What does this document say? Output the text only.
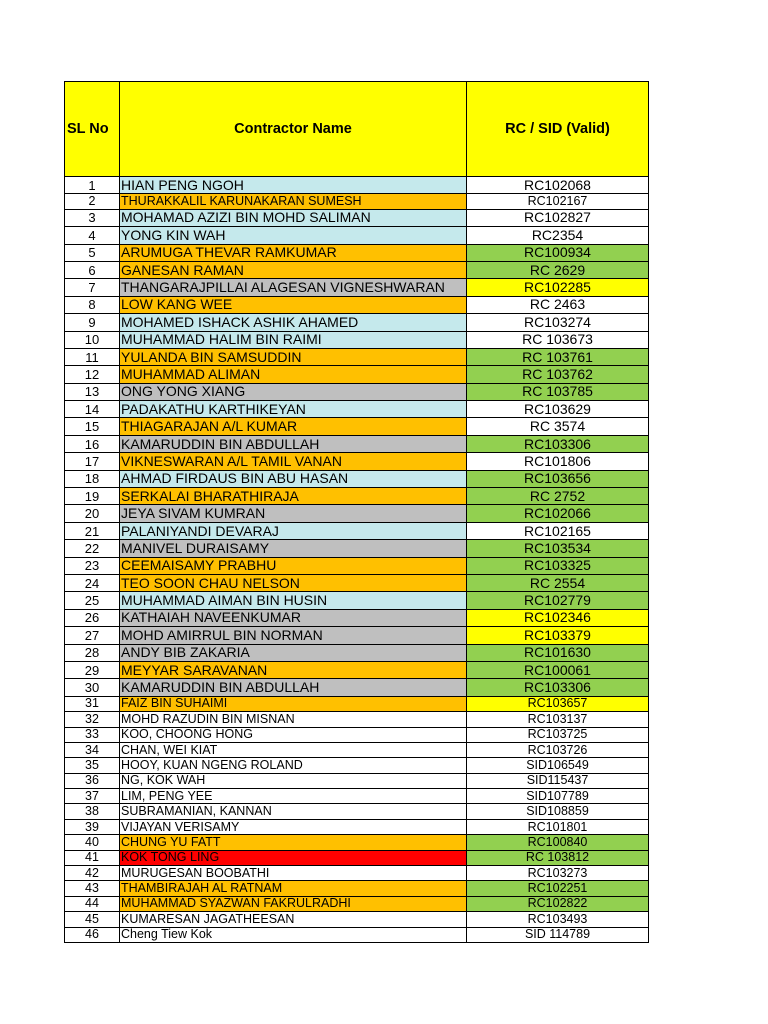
SL No	Contractor Name	RC / SID (Valid)
1	HIAN PENG NGOH	RC102068
2	THURAKKALIL KARUNAKARAN SUMESH	RC102167
3	MOHAMAD AZIZI BIN MOHD SALIMAN	RC102827
4	YONG KIN WAH	RC2354
5	ARUMUGA THEVAR RAMKUMAR	RC100934
6	GANESAN RAMAN	RC 2629
7	THANGARAJPILLAI ALAGESAN VIGNESHWARAN	RC102285
8	LOW KANG WEE	RC 2463
9	MOHAMED ISHACK ASHIK AHAMED	RC103274
10	MUHAMMAD HALIM BIN RAIMI	RC 103673
11	YULANDA BIN SAMSUDDIN	RC 103761
12	MUHAMMAD ALIMAN	RC 103762
13	ONG YONG XIANG	RC 103785
14	PADAKATHU KARTHIKEYAN	RC103629
15	THIAGARAJAN A/L KUMAR	RC 3574
16	KAMARUDDIN BIN ABDULLAH	RC103306
17	VIKNESWARAN A/L TAMIL VANAN	RC101806
18	AHMAD FIRDAUS BIN ABU HASAN	RC103656
19	SERKALAI BHARATHIRAJA	RC 2752
20	JEYA SIVAM KUMRAN	RC102066
21	PALANIYANDI DEVARAJ	RC102165
22	MANIVEL DURAISAMY	RC103534
23	CEEMAISAMY PRABHU	RC103325
24	TEO SOON CHAU NELSON	RC 2554
25	MUHAMMAD AIMAN BIN HUSIN	RC102779
26	KATHAIAH NAVEENKUMAR	RC102346
27	MOHD AMIRRUL BIN NORMAN	RC103379
28	ANDY BIB ZAKARIA	RC101630
29	MEYYAR SARAVANAN	RC100061
30	KAMARUDDIN BIN ABDULLAH	RC103306
31	FAIZ BIN SUHAIMI	RC103657
32	MOHD RAZUDIN BIN MISNAN	RC103137
33	KOO, CHOONG HONG	RC103725
34	CHAN, WEI KIAT	RC103726
35	HOOY, KUAN NGENG ROLAND	SID106549
36	NG, KOK WAH	SID115437
37	LIM, PENG YEE	SID107789
38	SUBRAMANIAN, KANNAN	SID108859
39	VIJAYAN VERISAMY	RC101801
40	CHUNG YU FATT	RC100840
41	KOK TONG LING	RC 103812
42	MURUGESAN BOOBATHI	RC103273
43	THAMBIRAJAH AL RATNAM	RC102251
44	MUHAMMAD SYAZWAN FAKRULRADHI	RC102822
45	KUMARESAN JAGATHEESAN	RC103493
46	Cheng Tiew Kok	SID 114789
